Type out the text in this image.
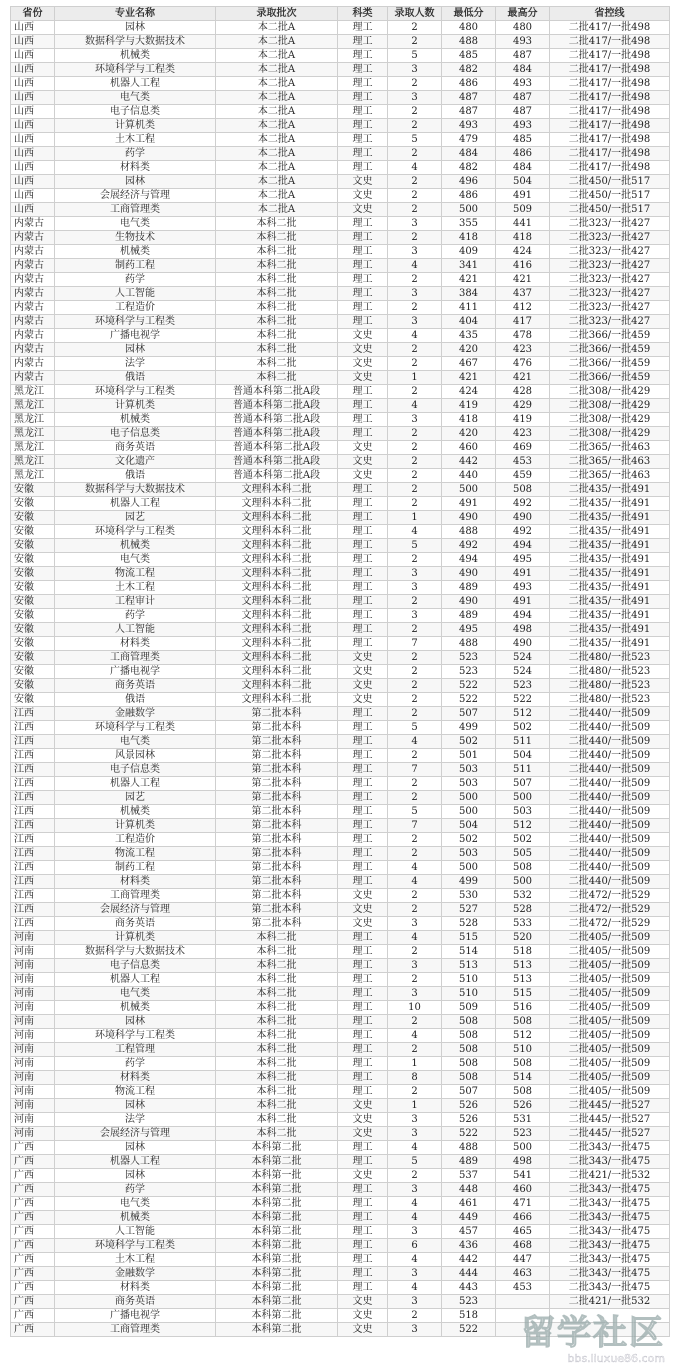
省份	专业名称	录取批次	科类	录取人数	最低分	最高分	省控线
山西	园林	本二批A	理工	2	480	480	二批417/一批498
山西	数据科学与大数据技术	本二批A	理工	2	488	493	二批417/一批498
山西	机械类	本二批A	理工	5	485	487	二批417/一批498
山西	环境科学与工程类	本二批A	理工	3	482	484	二批417/一批498
山西	机器人工程	本二批A	理工	2	486	493	二批417/一批498
山西	电气类	本二批A	理工	3	487	487	二批417/一批498
山西	电子信息类	本二批A	理工	2	487	487	二批417/一批498
山西	计算机类	本二批A	理工	2	493	493	二批417/一批498
山西	土木工程	本二批A	理工	5	479	485	二批417/一批498
山西	药学	本二批A	理工	2	484	486	二批417/一批498
山西	材料类	本二批A	理工	4	482	484	二批417/一批498
山西	园林	本二批A	文史	2	496	504	二批450/一批517
山西	会展经济与管理	本二批A	文史	2	486	491	二批450/一批517
山西	工商管理类	本二批A	文史	2	500	509	二批450/一批517
内蒙古	电气类	本科二批	理工	3	355	441	二批323/一批427
内蒙古	生物技术	本科二批	理工	2	418	418	二批323/一批427
内蒙古	机械类	本科二批	理工	3	409	424	二批323/一批427
内蒙古	制药工程	本科二批	理工	4	341	416	二批323/一批427
内蒙古	药学	本科二批	理工	2	421	421	二批323/一批427
内蒙古	人工智能	本科二批	理工	3	384	437	二批323/一批427
内蒙古	工程造价	本科二批	理工	2	411	412	二批323/一批427
内蒙古	环境科学与工程类	本科二批	理工	3	404	417	二批323/一批427
内蒙古	广播电视学	本科二批	文史	4	435	478	二批366/一批459
内蒙古	园林	本科二批	文史	2	420	423	二批366/一批459
内蒙古	法学	本科二批	文史	2	467	476	二批366/一批459
内蒙古	俄语	本科二批	文史	1	421	421	二批366/一批459
黑龙江	环境科学与工程类	普通本科第二批A段	理工	2	424	428	二批308/一批429
黑龙江	计算机类	普通本科第二批A段	理工	4	419	429	二批308/一批429
黑龙江	机械类	普通本科第二批A段	理工	3	418	419	二批308/一批429
黑龙江	电子信息类	普通本科第二批A段	理工	2	420	423	二批308/一批429
黑龙江	商务英语	普通本科第二批A段	文史	2	460	469	二批365/一批463
黑龙江	文化遗产	普通本科第二批A段	文史	2	442	453	二批365/一批463
黑龙江	俄语	普通本科第二批A段	文史	2	440	459	二批365/一批463
安徽	数据科学与大数据技术	文理科本科二批	理工	2	500	508	二批435/一批491
安徽	机器人工程	文理科本科二批	理工	2	491	492	二批435/一批491
安徽	园艺	文理科本科二批	理工	1	490	490	二批435/一批491
安徽	环境科学与工程类	文理科本科二批	理工	4	488	492	二批435/一批491
安徽	机械类	文理科本科二批	理工	5	492	494	二批435/一批491
安徽	电气类	文理科本科二批	理工	2	494	495	二批435/一批491
安徽	物流工程	文理科本科二批	理工	3	490	491	二批435/一批491
安徽	土木工程	文理科本科二批	理工	3	489	493	二批435/一批491
安徽	工程审计	文理科本科二批	理工	2	490	491	二批435/一批491
安徽	药学	文理科本科二批	理工	3	489	494	二批435/一批491
安徽	人工智能	文理科本科二批	理工	2	495	498	二批435/一批491
安徽	材料类	文理科本科二批	理工	7	488	490	二批435/一批491
安徽	工商管理类	文理科本科二批	文史	2	523	524	二批480/一批523
安徽	广播电视学	文理科本科二批	文史	2	523	524	二批480/一批523
安徽	商务英语	文理科本科二批	文史	2	522	523	二批480/一批523
安徽	俄语	文理科本科二批	文史	2	522	522	二批480/一批523
江西	金融数学	第二批本科	理工	2	507	512	二批440/一批509
江西	环境科学与工程类	第二批本科	理工	5	499	502	二批440/一批509
江西	电气类	第二批本科	理工	4	502	511	二批440/一批509
江西	风景园林	第二批本科	理工	2	501	504	二批440/一批509
江西	电子信息类	第二批本科	理工	7	503	511	二批440/一批509
江西	机器人工程	第二批本科	理工	2	503	507	二批440/一批509
江西	园艺	第二批本科	理工	2	500	500	二批440/一批509
江西	机械类	第二批本科	理工	5	500	503	二批440/一批509
江西	计算机类	第二批本科	理工	7	504	512	二批440/一批509
江西	工程造价	第二批本科	理工	2	502	502	二批440/一批509
江西	物流工程	第二批本科	理工	2	503	505	二批440/一批509
江西	制药工程	第二批本科	理工	4	500	508	二批440/一批509
江西	材料类	第二批本科	理工	4	499	500	二批440/一批509
江西	工商管理类	第二批本科	文史	2	530	532	二批472/一批529
江西	会展经济与管理	第二批本科	文史	2	527	528	二批472/一批529
江西	商务英语	第二批本科	文史	3	528	533	二批472/一批529
河南	计算机类	本科二批	理工	4	515	520	二批405/一批509
河南	数据科学与大数据技术	本科二批	理工	2	514	518	二批405/一批509
河南	电子信息类	本科二批	理工	3	513	513	二批405/一批509
河南	机器人工程	本科二批	理工	2	510	513	二批405/一批509
河南	电气类	本科二批	理工	3	510	515	二批405/一批509
河南	机械类	本科二批	理工	10	509	516	二批405/一批509
河南	园林	本科二批	理工	2	508	508	二批405/一批509
河南	环境科学与工程类	本科二批	理工	4	508	512	二批405/一批509
河南	工程管理	本科二批	理工	2	508	510	二批405/一批509
河南	药学	本科二批	理工	1	508	508	二批405/一批509
河南	材料类	本科二批	理工	8	508	514	二批405/一批509
河南	物流工程	本科二批	理工	2	507	508	二批405/一批509
河南	园林	本科二批	文史	1	526	526	二批445/一批527
河南	法学	本科二批	文史	3	526	531	二批445/一批527
河南	会展经济与管理	本科二批	文史	3	522	523	二批445/一批527
广西	园林	本科第二批	理工	4	488	500	二批343/一批475
广西	机器人工程	本科第二批	理工	5	489	498	二批343/一批475
广西	园林	本科第一批	文史	2	537	541	二批421/一批532
广西	药学	本科第二批	理工	3	448	460	二批343/一批475
广西	电气类	本科第二批	理工	4	461	471	二批343/一批475
广西	机械类	本科第二批	理工	4	449	466	二批343/一批475
广西	人工智能	本科第二批	理工	3	457	465	二批343/一批475
广西	环境科学与工程类	本科第二批	理工	6	436	468	二批343/一批475
广西	土木工程	本科第二批	理工	4	442	447	二批343/一批475
广西	金融数学	本科第二批	理工	3	444	463	二批343/一批475
广西	材料类	本科第二批	理工	4	443	453	二批343/一批475
广西	商务英语	本科第二批	文史	3	523		二批421/一批532
广西	广播电视学	本科第二批	文史	2	518		
广西	工商管理类	本科第二批	文史	3	522		留学社区
bbs.liuxue86.com
